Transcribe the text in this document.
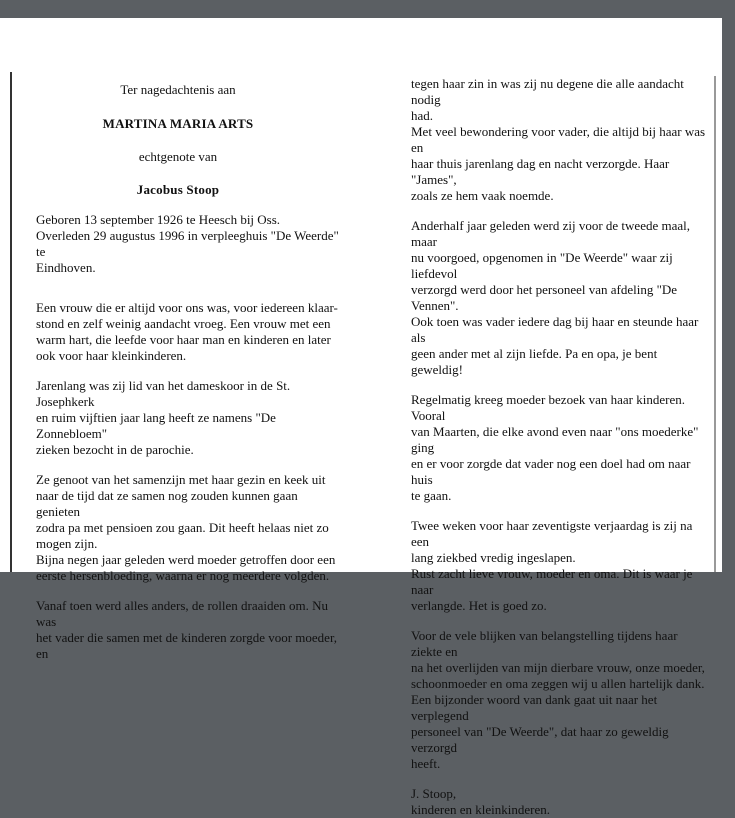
Ter nagedachtenis aan

MARTINA MARIA ARTS

echtgenote van

Jacobus Stoop

Geboren 13 september 1926 te Heesch bij Oss.

Overleden 29 augustus 1996 in verpleeghuis "De Weerde" te

Eindhoven.

Een vrouw die er altijd voor ons was, voor iedereen klaar-

stond en zelf weinig aandacht vroeg. Een vrouw met een

warm hart, die leefde voor haar man en kinderen en later

ook voor haar kleinkinderen.

Jarenlang was zij lid van het dameskoor in de St. Josephkerk

en ruim vijftien jaar lang heeft ze namens "De Zonnebloem"

zieken bezocht in de parochie.

Ze genoot van het samenzijn met haar gezin en keek uit

naar de tijd dat ze samen nog zouden kunnen gaan genieten

zodra pa met pensioen zou gaan. Dit heeft helaas niet zo

mogen zijn.

Bijna negen jaar geleden werd moeder getroffen door een

eerste hersenbloeding, waarna er nog meerdere volgden.

Vanaf toen werd alles anders, de rollen draaiden om. Nu was

het vader die samen met de kinderen zorgde voor moeder, en

tegen haar zin in was zij nu degene die alle aandacht nodig

had.

Met veel bewondering voor vader, die altijd bij haar was en

haar thuis jarenlang dag en nacht verzorgde. Haar "James",

zoals ze hem vaak noemde.

Anderhalf jaar geleden werd zij voor de tweede maal, maar

nu voorgoed, opgenomen in "De Weerde" waar zij liefdevol

verzorgd werd door het personeel van afdeling "De Vennen".

Ook toen was vader iedere dag bij haar en steunde haar als

geen ander met al zijn liefde. Pa en opa, je bent geweldig!

Regelmatig kreeg moeder bezoek van haar kinderen. Vooral

van Maarten, die elke avond even naar "ons moederke" ging

en er voor zorgde dat vader nog een doel had om naar huis

te gaan.

Twee weken voor haar zeventigste verjaardag is zij na een

lang ziekbed vredig ingeslapen.

Rust zacht lieve vrouw, moeder en oma. Dit is waar je naar

verlangde. Het is goed zo.

Voor de vele blijken van belangstelling tijdens haar ziekte en

na het overlijden van mijn dierbare vrouw, onze moeder,

schoonmoeder en oma zeggen wij u allen hartelijk dank.

Een bijzonder woord van dank gaat uit naar het verplegend

personeel van "De Weerde", dat haar zo geweldig verzorgd

heeft.

J. Stoop,

kinderen en kleinkinderen.
